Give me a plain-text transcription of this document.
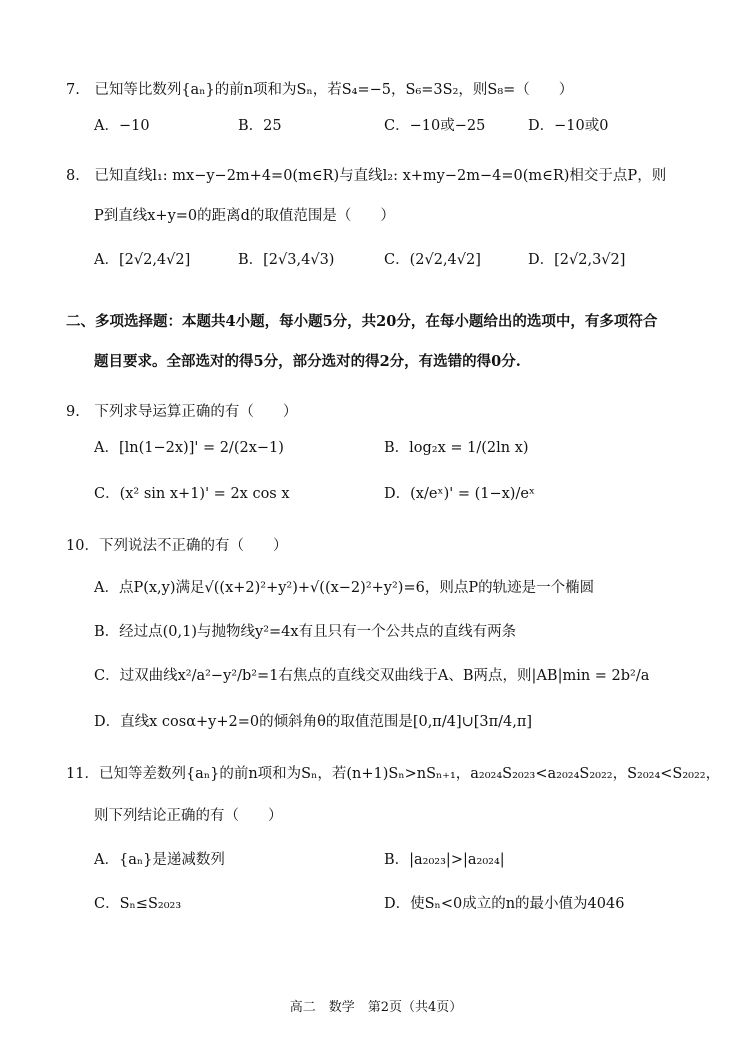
7.　已知等比数列{aₙ}的前n项和为Sₙ，若S₄=−5，S₆=3S₂，则S₈=（　　）
A．−10	B．25	C．−10或−25	D．−10或0
8.　已知直线l₁: mx−y−2m+4=0(m∈R)与直线l₂: x+my−2m−4=0(m∈R)相交于点P，则
P到直线x+y=0的距离d的取值范围是（　　）
A．[2√2,4√2]	B．[2√3,4√3)	C．(2√2,4√2]	D．[2√2,3√2]
二、多项选择题：本题共4小题，每小题5分，共20分，在每小题给出的选项中，有多项符合
题目要求。全部选对的得5分，部分选对的得2分，有选错的得0分.
9.　下列求导运算正确的有（　　）
A．[ln(1−2x)]' = 2/(2x−1)	B．log₂x = 1/(2ln x)
C．(x² sin x+1)' = 2x cos x	D．(x/eˣ)' = (1−x)/eˣ
10．下列说法不正确的有（　　）
A．点P(x,y)满足√((x+2)²+y²)+√((x−2)²+y²)=6，则点P的轨迹是一个椭圆
B．经过点(0,1)与抛物线y²=4x有且只有一个公共点的直线有两条
C．过双曲线x²/a²−y²/b²=1右焦点的直线交双曲线于A、B两点，则|AB|min = 2b²/a
D．直线x cosα+y+2=0的倾斜角θ的取值范围是[0,π/4]∪[3π/4,π]
11．已知等差数列{aₙ}的前n项和为Sₙ，若(n+1)Sₙ>nSₙ₊₁，a₂₀₂₄S₂₀₂₃<a₂₀₂₄S₂₀₂₂，S₂₀₂₄<S₂₀₂₂，
则下列结论正确的有（　　）
A．{aₙ}是递减数列	B．|a₂₀₂₃|>|a₂₀₂₄|
C．Sₙ≤S₂₀₂₃	D．使Sₙ<0成立的n的最小值为4046
高二　数学　第2页（共4页）
